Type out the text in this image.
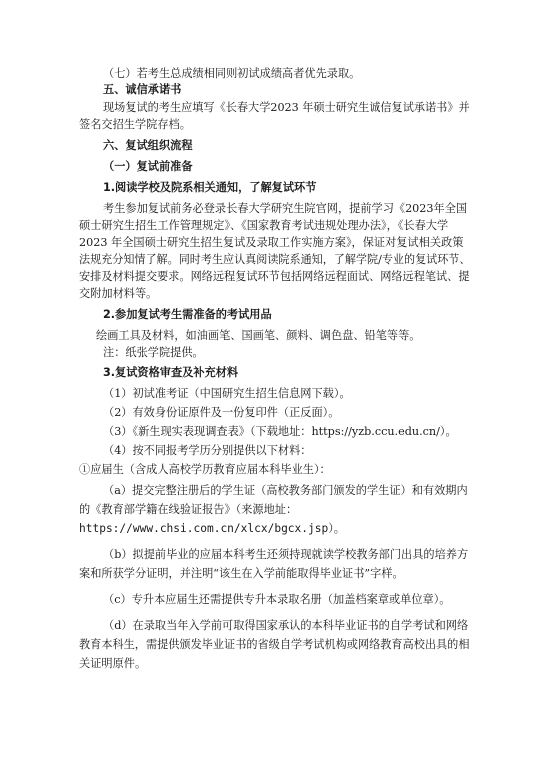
（七）若考生总成绩相同则初试成绩高者优先录取。

五、诚信承诺书

现场复试的考生应填写《长春大学2023 年硕士研究生诚信复试承诺书》并

签名交招生学院存档。

六、复试组织流程

（一）复试前准备

1.阅读学校及院系相关通知，了解复试环节

考生参加复试前务必登录长春大学研究生院官网，提前学习《2023年全国

硕士研究生招生工作管理规定》、《国家教育考试违规处理办法》，《长春大学

2023 年全国硕士研究生招生复试及录取工作实施方案》，保证对复试相关政策

法规充分知情了解。同时考生应认真阅读院系通知，了解学院/专业的复试环节、

安排及材料提交要求。网络远程复试环节包括网络远程面试、网络远程笔试、提

交附加材料等。

2.参加复试考生需准备的考试用品

绘画工具及材料，如油画笔、国画笔、颜料、调色盘、铅笔等等。

注：纸张学院提供。

3.复试资格审查及补充材料

（1）初试准考证（中国研究生招生信息网下载）。

（2）有效身份证原件及一份复印件（正反面）。

（3）《新生现实表现调查表》（下载地址：https://yzb.ccu.edu.cn/）。

（4）按不同报考学历分别提供以下材料：

①应届生（含成人高校学历教育应届本科毕业生）：

（a）提交完整注册后的学生证（高校教务部门颁发的学生证）和有效期内

的《教育部学籍在线验证报告》（来源地址：

https://www.chsi.com.cn/xlcx/bgcx.jsp）。

（b）拟提前毕业的应届本科考生还须持现就读学校教务部门出具的培养方

案和所获学分证明，并注明“该生在入学前能取得毕业证书”字样。

（c）专升本应届生还需提供专升本录取名册（加盖档案章或单位章）。

（d）在录取当年入学前可取得国家承认的本科毕业证书的自学考试和网络

教育本科生，需提供颁发毕业证书的省级自学考试机构或网络教育高校出具的相

关证明原件。
